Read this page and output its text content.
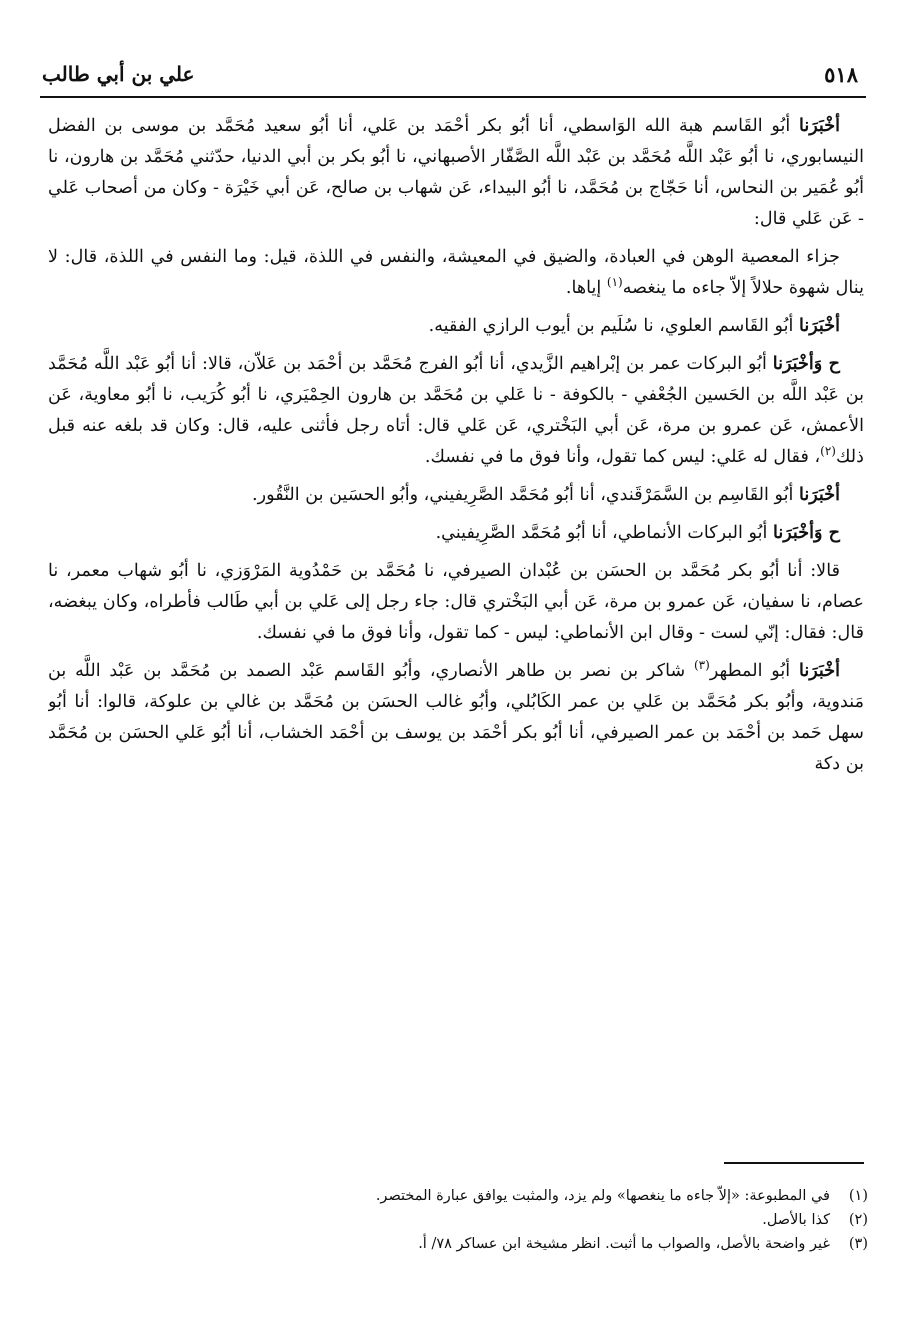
علي بن أبي طالب	٥١٨

أخْبَرَنا أبُو القَاسم هبة الله الوَاسطي، أنا أبُو بكر أحْمَد بن عَلي، أنا أبُو سعيد مُحَمَّد بن موسى بن الفضل النيسابوري، نا أبُو عَبْد اللَّه مُحَمَّد بن عَبْد اللَّه الصَّفّار الأصبهاني، نا أبُو بكر بن أبي الدنيا، حدّثني مُحَمَّد بن هارون، نا أبُو عُمَير بن النحاس، أنا حَجّاج بن مُحَمَّد، نا أبُو البيداء، عَن شهاب بن صالح، عَن أبي خَيْرَة - وكان من أصحاب عَلي - عَن عَلي قال:

جزاء المعصية الوهن في العبادة، والضيق في المعيشة، والنفس في اللذة، قيل: وما النفس في اللذة، قال: لا ينال شهوة حلالاً إلاّ جاءه ما ينغصه$^{(١)}$ إياها.

أخْبَرَنا أبُو القَاسم العلوي، نا سُلَيم بن أيوب الرازي الفقيه.

ح وَأخْبَرَنا أبُو البركات عمر بن إبْراهيم الزَّيدي، أنا أبُو الفرج مُحَمَّد بن أحْمَد بن عَلاّن، قالا: أنا أبُو عَبْد اللَّه مُحَمَّد بن عَبْد اللَّه بن الحَسين الجُعْفي - بالكوفة - نا عَلي بن مُحَمَّد بن هارون الحِمْيَري، نا أبُو كُرَيب، نا أبُو معاوية، عَن الأعمش، عَن عمرو بن مرة، عَن أبي البَخْتري، عَن عَلي قال: أتاه رجل فأثنى عليه، قال: وكان قد بلغه عنه قبل ذلك$^{(٢)}$، فقال له عَلي: ليس كما تقول، وأنا فوق ما في نفسك.

أخْبَرَنا أبُو القَاسِم بن السَّمَرْقَندي، أنا أبُو مُحَمَّد الصَّرِيفيني، وأبُو الحسَين بن النَّقُور.

ح وَأخْبَرَنا أبُو البركات الأنماطي، أنا أبُو مُحَمَّد الصَّرِيفيني.

قالا: أنا أبُو بكر مُحَمَّد بن الحسَن بن عُبْدان الصيرفي، نا مُحَمَّد بن حَمْدُوية المَرْوَزي، نا أبُو شهاب معمر، نا عصام، نا سفيان، عَن عمرو بن مرة، عَن أبي البَخْتري قال: جاء رجل إلى عَلي بن أبي طَالب فأطراه، وكان يبغضه، قال: فقال: إنّي لست - وقال ابن الأنماطي: ليس - كما تقول، وأنا فوق ما في نفسك.

أخْبَرَنا أبُو المطهر$^{(٣)}$ شاكر بن نصر بن طاهر الأنصاري، وأبُو القَاسم عَبْد الصمد بن مُحَمَّد بن عَبْد اللَّه بن مَندوية، وأبُو بكر مُحَمَّد بن عَلي بن عمر الكَابُلي، وأبُو غالب الحسَن بن مُحَمَّد بن غالي بن علوكة، قالوا: أنا أبُو سهل حَمد بن أحْمَد بن عمر الصيرفي، أنا أبُو بكر أحْمَد بن يوسف بن أحْمَد الخشاب، أنا أبُو عَلي الحسَن بن مُحَمَّد بن دكة

(١)في المطبوعة: «إلاّ جاءه ما ينغصها» ولم يزد، والمثبت يوافق عبارة المختصر.
(٢)كذا بالأصل.
(٣)غير واضحة بالأصل، والصواب ما أثبت. انظر مشيخة ابن عساكر ٧٨/ أ.
